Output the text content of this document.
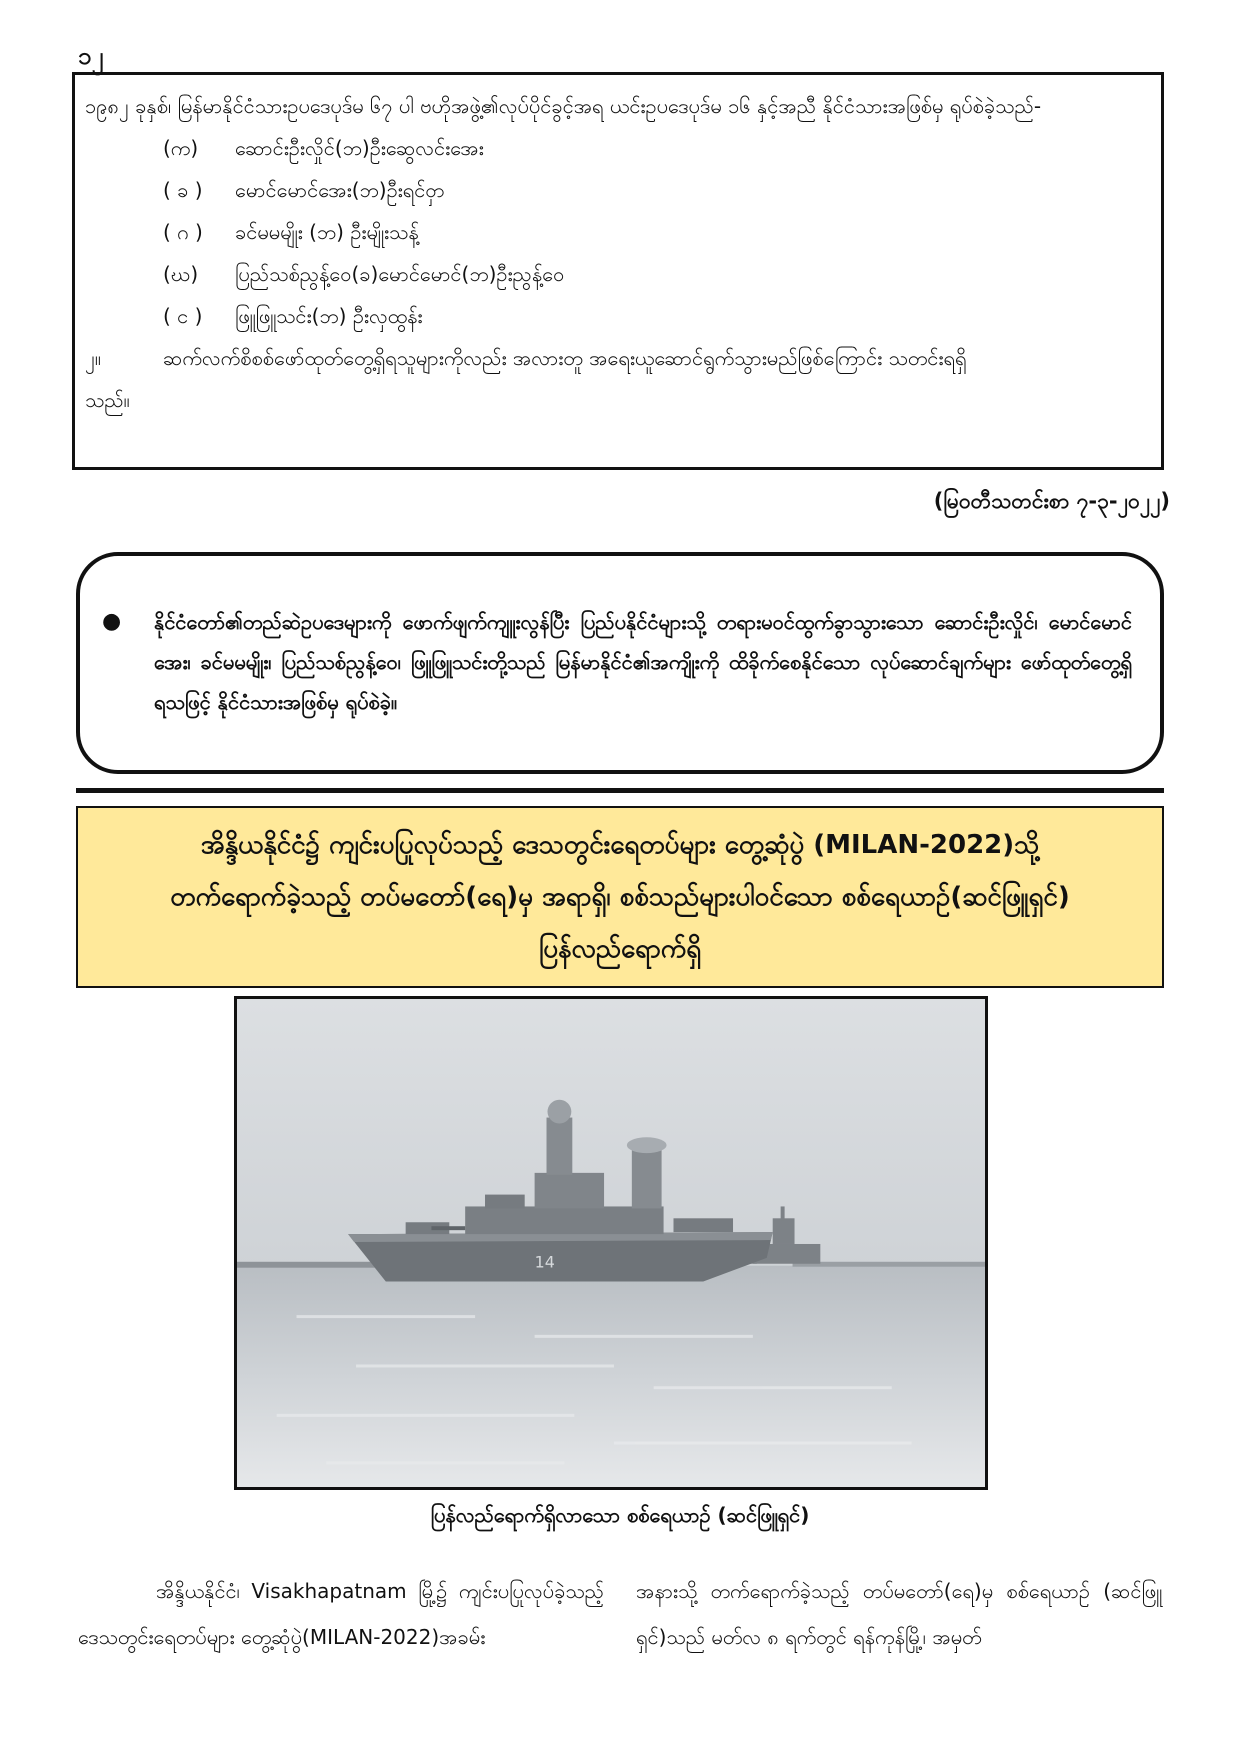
၁၂

၁၉၈၂ ခုနှစ်၊ မြန်မာနိုင်ငံသားဥပဒေပုဒ်မ ၆၇ ပါ ဗဟိုအဖွဲ့၏လုပ်ပိုင်ခွင့်အရ ယင်းဥပဒေပုဒ်မ ၁၆ နှင့်အညီ နိုင်ငံသားအဖြစ်မှ ရုပ်စဲခဲ့သည်-

(က)	ဆောင်းဦးလှိုင်(ဘ)ဦးဆွေလင်းအေး
( ခ )	မောင်မောင်အေး(ဘ)ဦးရင်ဝှာ
( ဂ )	ခင်မမမျိုး (ဘ) ဦးမျိုးသန့်
(ဃ)	ပြည်သစ်ညွန့်ဝေ(ခ)မောင်မောင်(ဘ)ဦးညွန့်ဝေ
( င )	ဖြူဖြူသင်း(ဘ) ဦးလှထွန်း

၂။	ဆက်လက်စိစစ်ဖော်ထုတ်တွေ့ရှိရသူများကိုလည်း အလားတူ အရေးယူဆောင်ရွက်သွားမည်ဖြစ်ကြောင်း သတင်းရရှိ

သည်။

(မြဝတီသတင်းစာ ၇-၃-၂၀၂၂)
● နိုင်ငံတော်၏တည်ဆဲဥပဒေများကို ဖောက်ဖျက်ကျူးလွန်ပြီး ပြည်ပနိုင်ငံများသို့ တရားမဝင်ထွက်ခွာသွားသော ဆောင်းဦးလှိုင်၊ မောင်မောင်အေး၊ ခင်မမမျိုး၊ ပြည်သစ်ညွန့်ဝေ၊ ဖြူဖြူသင်းတို့သည် မြန်မာနိုင်ငံ၏အကျိုးကို ထိခိုက်စေနိုင်သော လုပ်ဆောင်ချက်များ ဖော်ထုတ်တွေ့ရှိရသဖြင့် နိုင်ငံသားအဖြစ်မှ ရုပ်စဲခဲ့။

အိန္ဒိယနိုင်ငံ၌ ကျင်းပပြုလုပ်သည့် ဒေသတွင်းရေတပ်များ တွေ့ဆုံပွဲ (MILAN-2022)သို့
တက်ရောက်ခဲ့သည့် တပ်မတော်(ရေ)မှ အရာရှိ၊ စစ်သည်များပါဝင်သော စစ်ရေယာဉ်(ဆင်ဖြူရှင်)
ပြန်လည်ရောက်ရှိ

14
ပြန်လည်ရောက်ရှိလာသော စစ်ရေယာဉ် (ဆင်ဖြူရှင်)

အိန္ဒိယနိုင်ငံ၊ Visakhapatnam မြို့၌ ကျင်းပပြုလုပ်ခဲ့သည့် ဒေသတွင်းရေတပ်များ တွေ့ဆုံပွဲ(MILAN-2022)အခမ်း

အနားသို့ တက်ရောက်ခဲ့သည့် တပ်မတော်(ရေ)မှ စစ်ရေယာဉ် (ဆင်ဖြူရှင်)သည် မတ်လ ၈ ရက်တွင် ရန်ကုန်မြို့၊ အမှတ်
